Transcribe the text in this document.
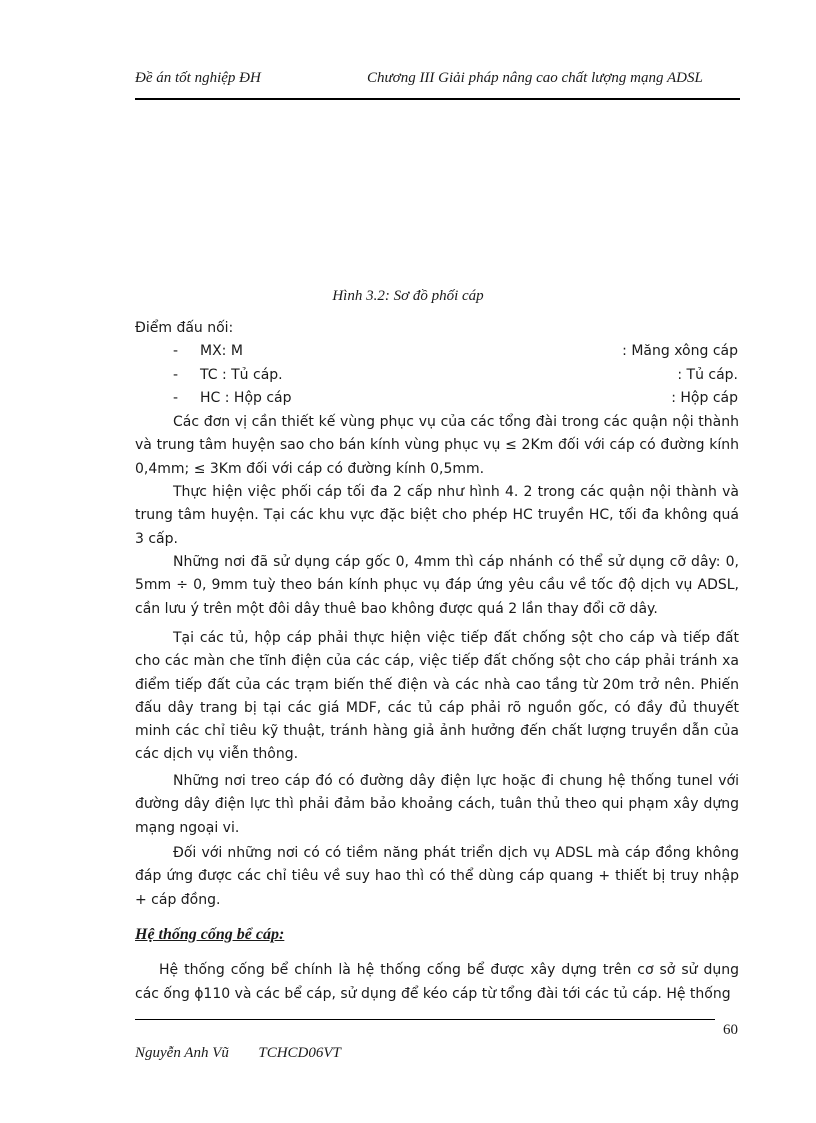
Đề án tốt nghiệp ĐH	Chương III Giải pháp nâng cao chất lượng mạng ADSL
Hình 3.2: Sơ đồ phối cáp
Điểm đấu nối:
- MX: M	: Măng xông cáp
- TC : Tủ cáp.	: Tủ cáp.
- HC : Hộp cáp	: Hộp cáp

Các đơn vị cần thiết kế vùng phục vụ của các tổng đài trong các quận nội thành và trung tâm huyện sao cho bán kính vùng phục vụ ≤ 2Km đối với cáp có đường kính 0,4mm; ≤ 3Km đối với cáp có đường kính 0,5mm.

Thực hiện việc phối cáp tối đa 2 cấp như hình 4. 2 trong các quận nội thành và trung tâm huyện. Tại các khu vực đặc biệt cho phép HC truyền HC, tối đa không quá 3 cấp.

Những nơi đã sử dụng cáp gốc 0, 4mm thì cáp nhánh có thể sử dụng cỡ dây: 0, 5mm ÷ 0, 9mm tuỳ theo bán kính phục vụ đáp ứng yêu cầu về tốc độ dịch vụ ADSL, cần lưu ý trên một đôi dây thuê bao không được quá 2 lần thay đổi cỡ dây.

Tại các tủ, hộp cáp phải thực hiện việc tiếp đất chống sột cho cáp và tiếp đất cho các màn che tĩnh điện của các cáp, việc tiếp đất chống sột cho cáp phải tránh xa điểm tiếp đất của các trạm biến thế điện và các nhà cao tầng từ 20m trở nên. Phiến đấu dây trang bị tại các giá MDF, các tủ cáp phải rõ nguồn gốc, có đầy đủ thuyết minh các chỉ tiêu kỹ thuật, tránh hàng giả ảnh hưởng đến chất lượng truyền dẫn của các dịch vụ viễn thông.

Những nơi treo cáp đó có đường dây điện lực hoặc đi chung hệ thống tunel với đường dây điện lực thì phải đảm bảo khoảng cách, tuân thủ theo qui phạm xây dựng mạng ngoại vi.

Đối với những nơi có có tiềm năng phát triển dịch vụ ADSL mà cáp đồng không đáp ứng được các chỉ tiêu về suy hao thì có thể dùng cáp quang + thiết bị truy nhập + cáp đồng.

Hệ thống cống bể cáp:

Hệ thống cống bể chính là hệ thống cống bể được xây dựng trên cơ sở sử dụng các ống ϕ110 và các bể cáp, sử dụng để kéo cáp từ tổng đài tới các tủ cáp. Hệ thống

60
Nguyễn Anh Vũ TCHCD06VT
